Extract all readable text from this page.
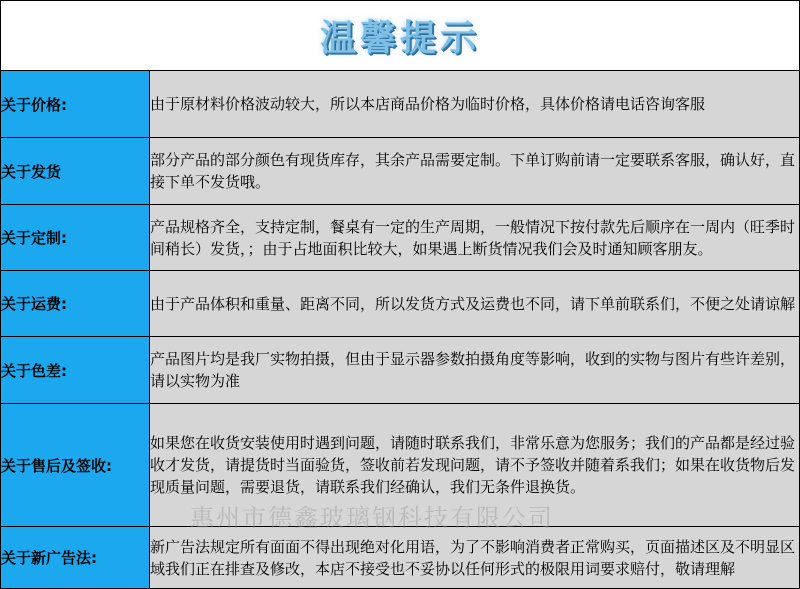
温馨提示
关于价格:	由于原材料价格波动较大，所以本店商品价格为临时价格，具体价格请电话咨询客服
关于发货	部分产品的部分颜色有现货库存，其余产品需要定制。下单订购前请一定要联系客服，确认好，直接下单不发货哦。
关于定制:	产品规格齐全，支持定制，餐桌有一定的生产周期，一般情况下按付款先后顺序在一周内（旺季时间稍长）发货，；由于占地面积比较大，如果遇上断货情况我们会及时通知顾客朋友。
关于运费:	由于产品体积和重量、距离不同，所以发货方式及运费也不同，请下单前联系们，不便之处请谅解
关于色差:	产品图片均是我厂实物拍摄，但由于显示器参数拍摄角度等影响，收到的实物与图片有些许差别，请以实物为准
关于售后及签收:	如果您在收货安装使用时遇到问题，请随时联系我们，非常乐意为您服务；我们的产品都是经过验收才发货，请提货时当面验货，签收前若发现问题，请不予签收并随着系我们；如果在收货物后发现质量问题，需要退货，请联系我们经确认，我们无条件退换货。
关于新广告法:	新广告法规定所有面面不得出现绝对化用语，为了不影响消费者正常购买，页面描述区及不明显区域我们正在排查及修改，本店不接受也不妥协以任何形式的极限用词要求赔付，敬请理解
惠州市德鑫玻璃钢科技有限公司
